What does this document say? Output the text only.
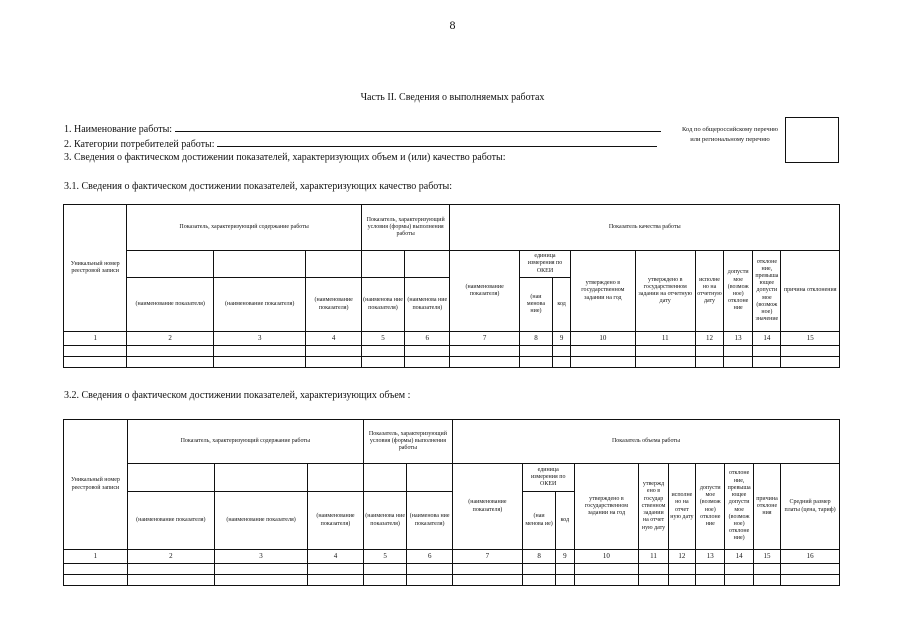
8
Часть II. Сведения о выполняемых работах
1. Наименование работы:
2. Категории потребителей работы:
3. Сведения о фактическом достижении показателей, характеризующих объем и (или) качество работы:
Код по общероссийскому перечню или региональному перечню
3.1. Сведения о фактическом достижении показателей, характеризующих качество работы:
Уникальный номер реестровой записи	Показатель, характеризующий содержание работы			Показатель, характеризующий условия (формы) выполнения работы		Показатель качества работы								
						(наименование показателя)	единица измерения по ОКЕИ		утверждено в государственном задании на год	утверждено в государственном задании на отчетную дату	исполне но на отчетную дату	допусти мое (возмож ное) отклоне ние	отклоне ние, превыша ющее допусти мое (возмож ное) значение	причина отклонения
	(наименование показателя)	(наименование показателя)	(наименование показателя)	(наименова ние показателя)	(наименова ние показателя)		(наи менова ние)	код						
1	2	3	4	5	6	7	8	9	10	11	12	13	14	15

3.2. Сведения о фактическом достижении показателей, характеризующих объем :
Уникальный номер реестровой записи	Показатель, характеризующий содержание работы			Показатель, характеризующий условия (формы) выполнения работы		Показатель объема работы									
						(наименование показателя)	единица измерения по ОКЕИ		утверждено в государственном задании на год	утвержд ено в государ ственном задании на отчет ную дату	исполне но на отчет ную дату	допусти мое (возмож ное) отклоне ние	отклоне ние, превыша ющее допусти мое (возмож ное) отклоне ние)	причина отклоне ния	Средний размер платы (цена, тариф)
	(наименование показателя)	(наименование показателя)	(наименование показателя)	(наименова ние показателя)	(наименова ние показателя)		(наи менова ие)	код							
1	2	3	4	5	6	7	8	9	10	11	12	13	14	15	16
